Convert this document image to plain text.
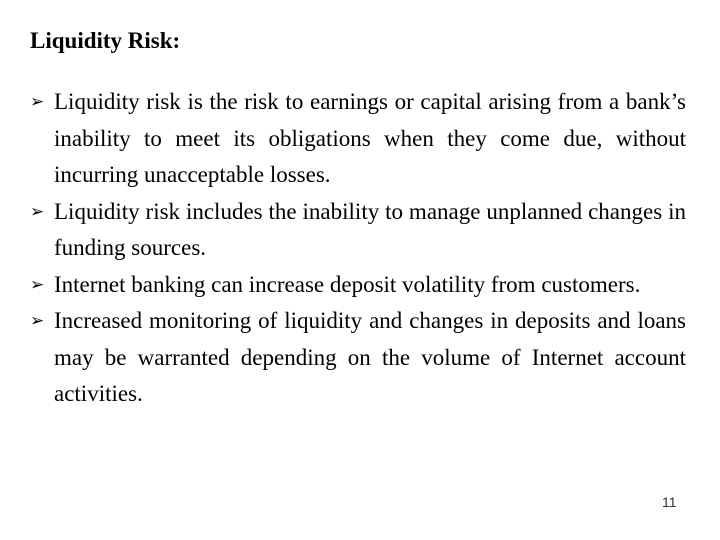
Liquidity Risk:
➢ Liquidity risk is the risk to earnings or capital arising from a bank’s inability to meet its obligations when they come due, without incurring unacceptable losses.
➢ Liquidity risk includes the inability to manage unplanned changes in funding sources.
➢ Internet banking can increase deposit volatility from customers.
➢ Increased monitoring of liquidity and changes in deposits and loans may be warranted depending on the volume of Internet account activities.
11
